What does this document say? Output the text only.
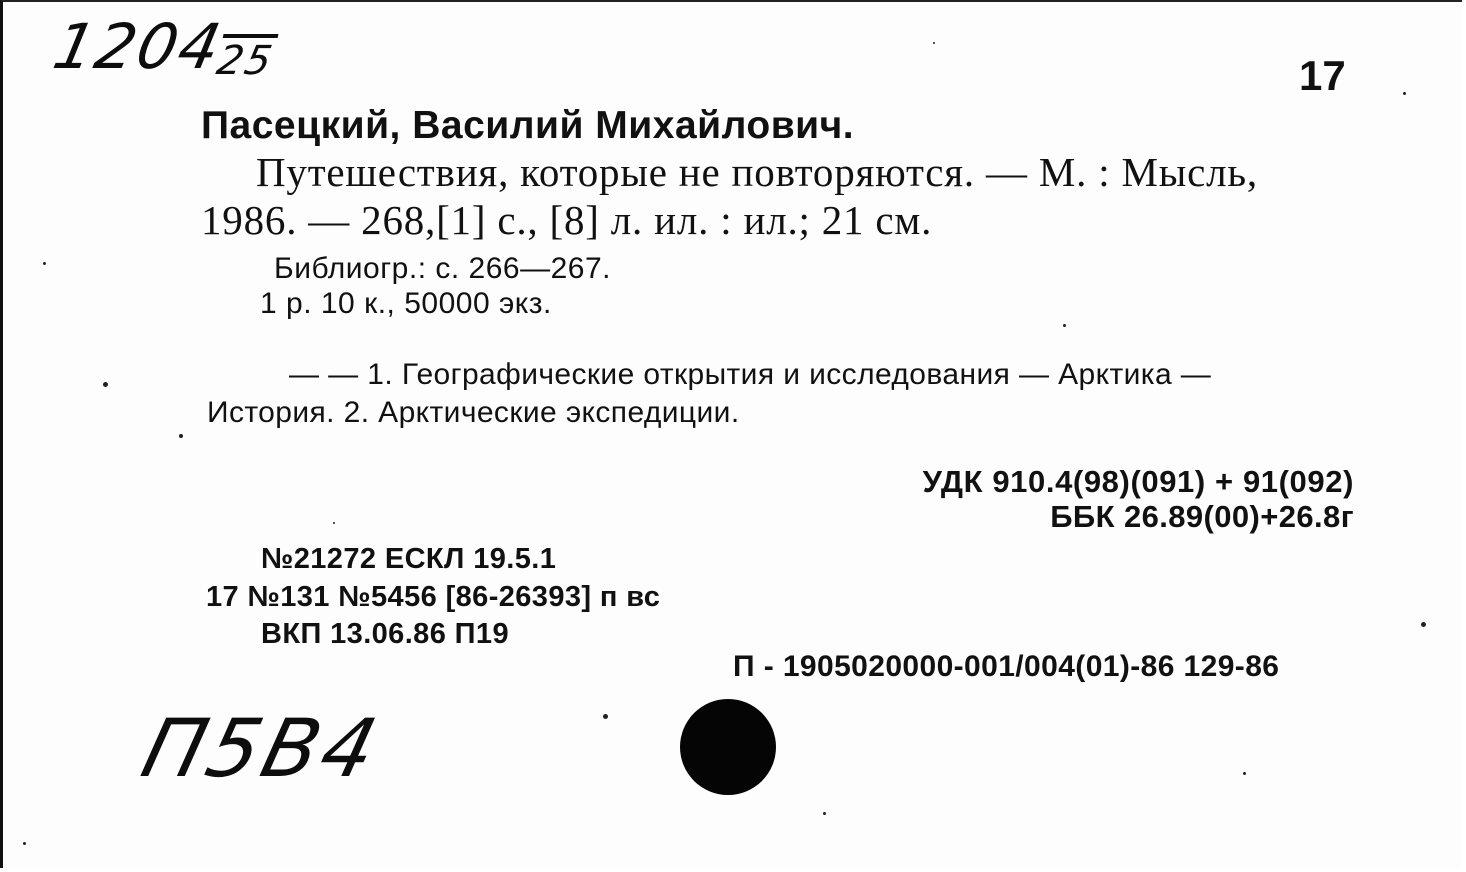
$1204_{25}$	17
Пасецкий, Василий Михайлович.
Путешествия, которые не повторяются. — М. : Мысль,
1986. — 268,[1] с., [8] л. ил. : ил.; 21 см.
Библиогр.: с. 266—267.
1 р. 10 к., 50000 экз.
— — 1. Географические открытия и исследования — Арктика —
История. 2. Арктические экспедиции.
УДК 910.4(98)(091) + 91(092)
ББК 26.89(00)+26.8г
№21272 ЕСКЛ 19.5.1
17 №131 №5456 [86-26393] п вс
ВКП 13.06.86 П19
П - 1905020000-001/004(01)-86 129-86
П5В4
